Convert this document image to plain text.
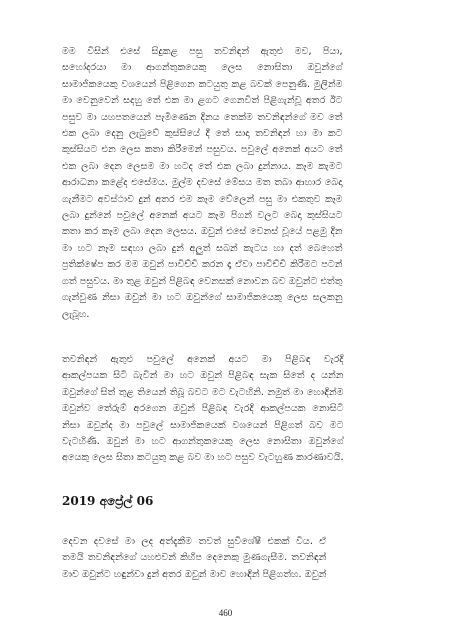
මම විසින් එසේ සිදුකළ පසු තවනිඳන් ඇතුළු මව, පියා,
සහෝදරයා මා ආගන්තුකයෙකු ලෙස නොසිතා ඔවුන්ගේ
සාමාජිකයෙකු වශයෙන් පිළිගෙන කටයුතු කළ බවක් පෙනුණි. මුලින්ම
මා වෙනුවෙන් සදහු තේ එක මා ළගට ගෙනවිත් පිළිගැන්වූ අතර ඊට
පසුව මා යහපතයෙන් පැමිණෙන දිනය තෙක්ම තවනිඳන්ගේ මව තේ
එක ලබා දෙනු ලැබුවේ කුස්සියේ දී තේ සාදා තවනිඳන් හා මා කට
කුස්සියට එන ලෙස කතා කිරීමෙන් පසුවය. පවුලේ අනෙක් අයට තේ
එක ලබා දෙන ලෙසම මා හටද තේ එක ලබා දුන්නාය. කෑම කැමට
ආරාධනා කළේද එසේමය. මුල්ම දවසේ මේසය මත තබා ආහාර බෙදා
ගැනීමට අවස්ථාව දුන් අතර එම කෑම වේලෙන් පසු මා එකතුව කෑම
ලබා දුන්නේ පවුලේ අනෙක් අයට කෑම පිගන් වලට බෙදා කුස්සියට
කතා කර කෑම ලබා දෙන ලෙසය. ඔවුන් එසේ වෙනස් වූයේ පළමු දින
මා හට නෑම සඳහා ලබා දුන් අලුත් සබන් කැටය හා දත් බෙහෙත්
ප්‍රතික්ෂේප කර මම ඔවුන් පාවිච්චි කරන දෑ ඒවා පාවිච්චි කිරීමට පටන්
ගත් පසුවය. මා තුළ ඔවුන් පිළිබඳ වෙනසක් නොවන බව ඔවුන්ට එත්තු
ගැන්වුණ නිසා ඔවුන් මා හට ඔවුන්ගේ සාමාජිකයෙකු ලෙස සලකනු
ලැබූහ.
තවනිඳන් ඇතුළු පවුලේ අනෙක් අයට මා පිළිබඳ වැරදි
ආකල්පයක සිටි බැවින් මා හට ඔවුන් පිළිබඳ සැක සිතේ ද යන්න
ඔවුන්ගේ සිත් තුළ තියෙන් තිබූ බවට මට වැටහිනි. නමුත් මා හොඳින්ම
ඔවුන්ව තේරුම් අරගෙන ඔවුන් පිළිබඳ වැරදි ආකල්පයක නොසිටි
නිසා ඔවුන්ද මා පවුලේ සාමාජිකයෙක් වශයෙන් පිළිගත් බව මට
වැටහිණි. ඔවුන් මා හට ආගන්තුකයෙකු ලෙස නොසිතා ඔවුන්ගේ
අයෙකු ලෙස සිතා කටයුතු කළ බව මා හට පසුව වැටහුණ කාරණාවයි.
2019 අප්‍රේල් 06
දෙවන දවසේ මා ලද අත්දැකීම තවත් සුවිශේෂී එකක් විය. ඒ
තමයි තවනිඳන්ගේ යහළුවන් කිහිප දෙනෙකු මුණගැසීම. තවනිඳන්
මාව ඔවුන්ට හඳුන්වා දුන් අතර ඔවුන් මාව හොඳින් පිළිගත්හ. ඔවුන්
460
